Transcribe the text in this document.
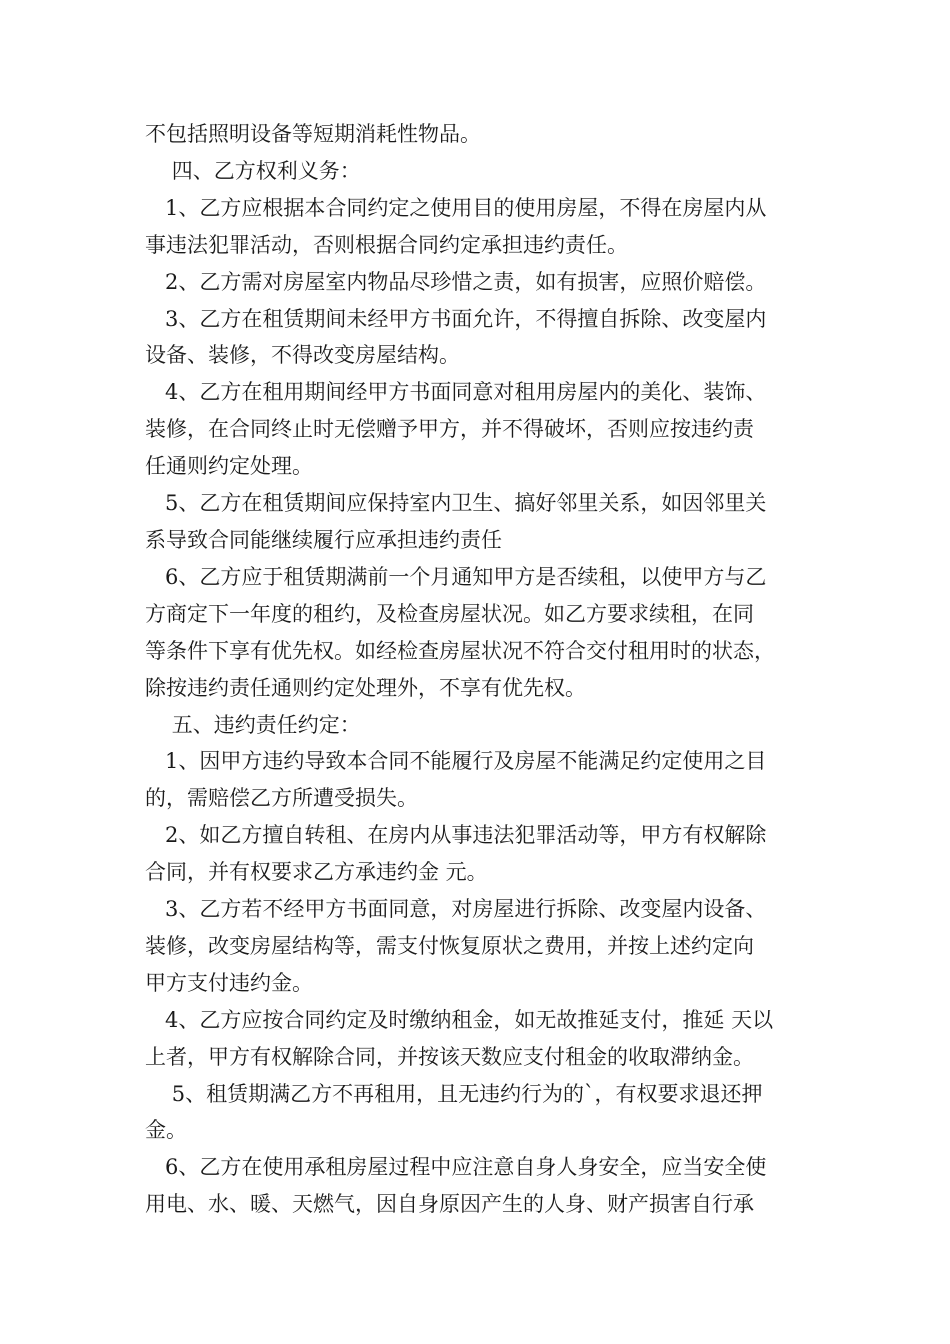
不包括照明设备等短期消耗性物品。

四、乙方权利义务：

1、乙方应根据本合同约定之使用目的使用房屋，不得在房屋内从

事违法犯罪活动，否则根据合同约定承担违约责任。

2、乙方需对房屋室内物品尽珍惜之责，如有损害，应照价赔偿。

3、乙方在租赁期间未经甲方书面允许，不得擅自拆除、改变屋内

设备、装修，不得改变房屋结构。

4、乙方在租用期间经甲方书面同意对租用房屋内的美化、装饰、

装修，在合同终止时无偿赠予甲方，并不得破坏，否则应按违约责

任通则约定处理。

5、乙方在租赁期间应保持室内卫生、搞好邻里关系，如因邻里关

系导致合同能继续履行应承担违约责任

6、乙方应于租赁期满前一个月通知甲方是否续租，以使甲方与乙

方商定下一年度的租约，及检查房屋状况。如乙方要求续租，在同

等条件下享有优先权。如经检查房屋状况不符合交付租用时的状态，

除按违约责任通则约定处理外，不享有优先权。

五、违约责任约定：

1、因甲方违约导致本合同不能履行及房屋不能满足约定使用之目

的，需赔偿乙方所遭受损失。

2、如乙方擅自转租、在房内从事违法犯罪活动等，甲方有权解除

合同，并有权要求乙方承违约金 元。

3、乙方若不经甲方书面同意，对房屋进行拆除、改变屋内设备、

装修，改变房屋结构等，需支付恢复原状之费用，并按上述约定向

甲方支付违约金。

4、乙方应按合同约定及时缴纳租金，如无故推延支付，推延 天以

上者，甲方有权解除合同，并按该天数应支付租金的收取滞纳金。

5、租赁期满乙方不再租用，且无违约行为的`，有权要求退还押

金。

6、乙方在使用承租房屋过程中应注意自身人身安全，应当安全使

用电、水、暖、天燃气，因自身原因产生的人身、财产损害自行承
